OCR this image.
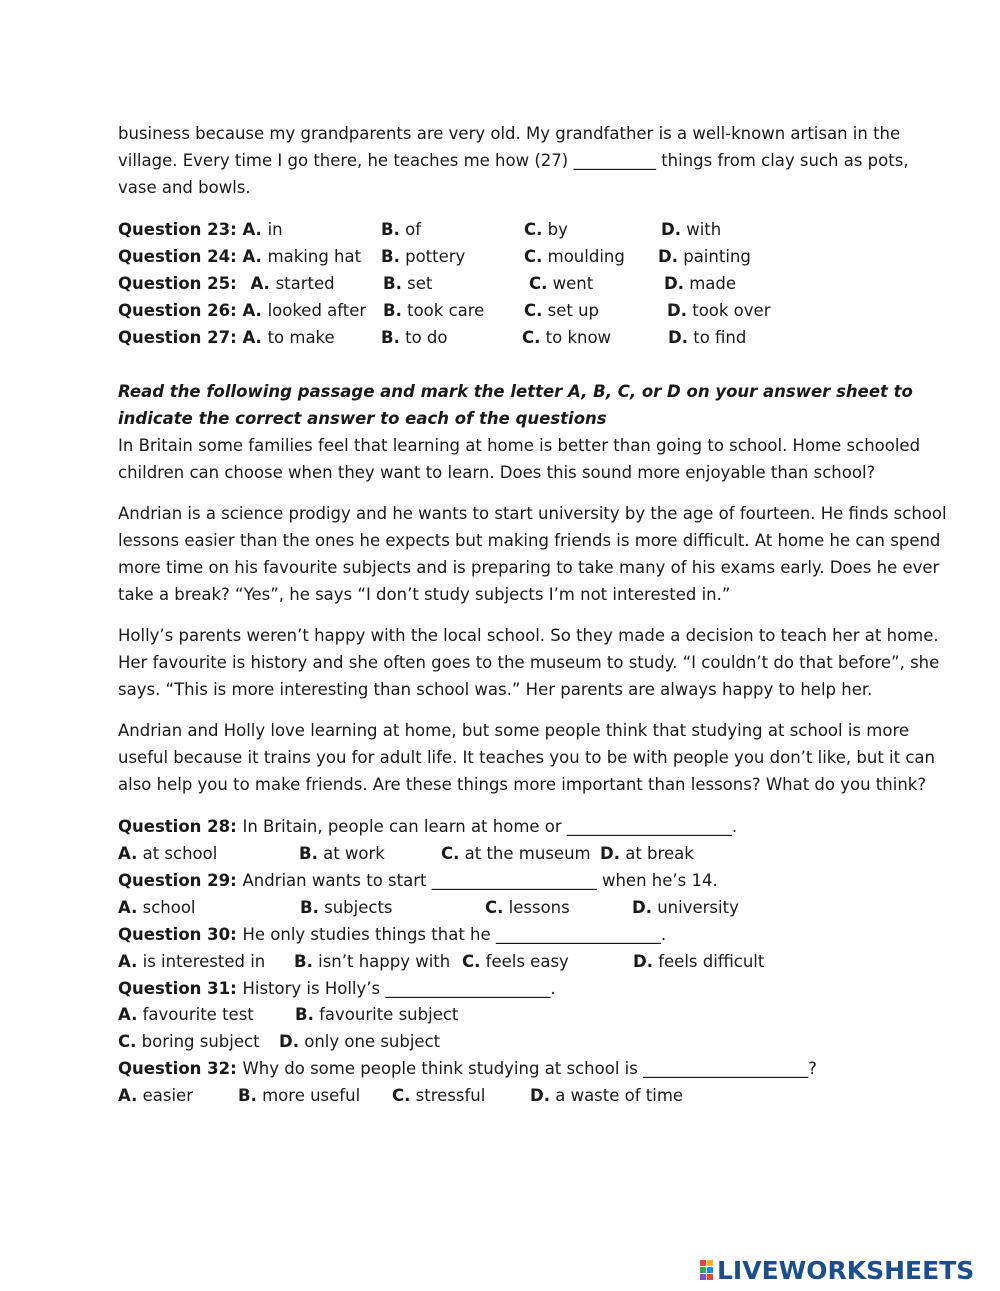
business because my grandparents are very old. My grandfather is a well-known artisan in the
village. Every time I go there, he teaches me how (27) __________ things from clay such as pots,
vase and bowls.
Question 23: A. in	B. of	C. by	D. with
Question 24: A. making hat B. pottery	C. moulding D. painting
Question 25: A. started	B. set	C. went	D. made
Question 26: A. looked after B. took care C. set up	D. took over
Question 27: A. to make	B. to do	C. to know	D. to find
Read the following passage and mark the letter A, B, C, or D on your answer sheet to
indicate the correct answer to each of the questions
In Britain some families feel that learning at home is better than going to school. Home schooled
children can choose when they want to learn. Does this sound more enjoyable than school?
Andrian is a science prodigy and he wants to start university by the age of fourteen. He finds school
lessons easier than the ones he expects but making friends is more difficult. At home he can spend
more time on his favourite subjects and is preparing to take many of his exams early. Does he ever
take a break? “Yes”, he says “I don’t study subjects I’m not interested in.”
Holly’s parents weren’t happy with the local school. So they made a decision to teach her at home.
Her favourite is history and she often goes to the museum to study. “I couldn’t do that before”, she
says. “This is more interesting than school was.” Her parents are always happy to help her.
Andrian and Holly love learning at home, but some people think that studying at school is more
useful because it trains you for adult life. It teaches you to be with people you don’t like, but it can
also help you to make friends. Are these things more important than lessons? What do you think?
Question 28: In Britain, people can learn at home or ____________________.
A. at school	B. at work	C. at the museum D. at break
Question 29: Andrian wants to start ____________________ when he’s 14.
A. school	B. subjects	C. lessons	D. university
Question 30: He only studies things that he ____________________.
A. is interested in B. isn’t happy with C. feels easy	D. feels difficult
Question 31: History is Holly’s ____________________.
A. favourite test B. favourite subject
C. boring subject D. only one subject
Question 32: Why do some people think studying at school is ____________________?
A. easier	B. more useful C. stressful	D. a waste of time
LIVEWORKSHEETS
